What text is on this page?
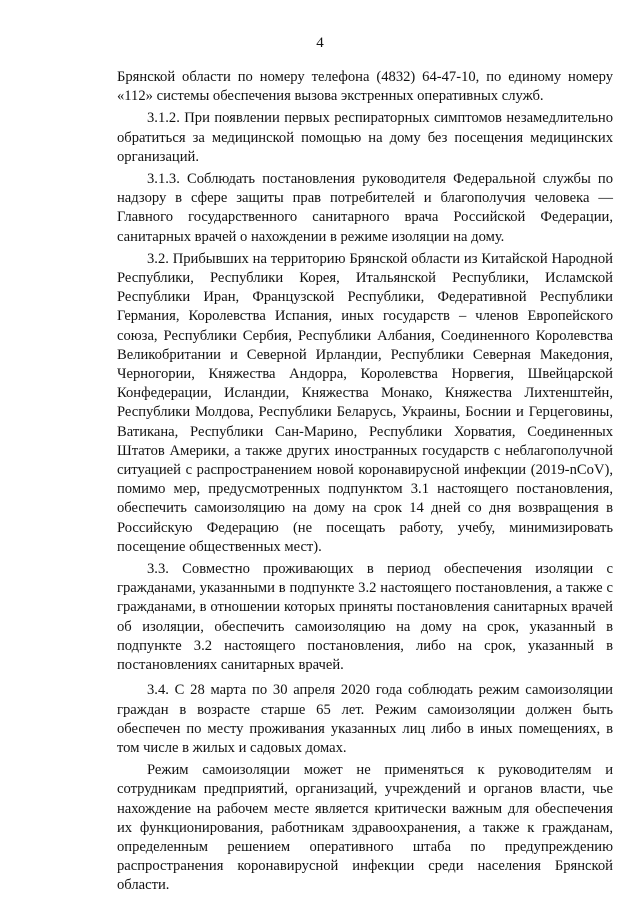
4

Брянской области по номеру телефона (4832) 64-47-10, по единому номеру «112» системы обеспечения вызова экстренных оперативных служб.

3.1.2. При появлении первых респираторных симптомов незамедлительно обратиться за медицинской помощью на дому без посещения медицинских организаций.

3.1.3. Соблюдать постановления руководителя Федеральной службы по надзору в сфере защиты прав потребителей и благополучия человека — Главного государственного санитарного врача Российской Федерации, санитарных врачей о нахождении в режиме изоляции на дому.

3.2. Прибывших на территорию Брянской области из Китайской Народной Республики, Республики Корея, Итальянской Республики, Исламской Республики Иран, Французской Республики, Федеративной Республики Германия, Королевства Испания, иных государств – членов Европейского союза, Республики Сербия, Республики Албания, Соединенного Королевства Великобритании и Северной Ирландии, Республики Северная Македония, Черногории, Княжества Андорра, Королевства Норвегия, Швейцарской Конфедерации, Исландии, Княжества Монако, Княжества Лихтенштейн, Республики Молдова, Республики Беларусь, Украины, Боснии и Герцеговины, Ватикана, Республики Сан-Марино, Республики Хорватия, Соединенных Штатов Америки, а также других иностранных государств с неблагополучной ситуацией с распространением новой коронавирусной инфекции (2019-nCoV), помимо мер, предусмотренных подпунктом 3.1 настоящего постановления, обеспечить самоизоляцию на дому на срок 14 дней со дня возвращения в Российскую Федерацию (не посещать работу, учебу, минимизировать посещение общественных мест).

3.3. Совместно проживающих в период обеспечения изоляции с гражданами, указанными в подпункте 3.2 настоящего постановления, а также с гражданами, в отношении которых приняты постановления санитарных врачей об изоляции, обеспечить самоизоляцию на дому на срок, указанный в подпункте 3.2 настоящего постановления, либо на срок, указанный в постановлениях санитарных врачей.

3.4. С 28 марта по 30 апреля 2020 года соблюдать режим самоизоляции граждан в возрасте старше 65 лет. Режим самоизоляции должен быть обеспечен по месту проживания указанных лиц либо в иных помещениях, в том числе в жилых и садовых домах.

Режим самоизоляции может не применяться к руководителям и сотрудникам предприятий, организаций, учреждений и органов власти, чье нахождение на рабочем месте является критически важным для обеспечения их функционирования, работникам здравоохранения, а также к гражданам, определенным решением оперативного штаба по предупреждению распространения коронавирусной инфекции среди населения Брянской области.
